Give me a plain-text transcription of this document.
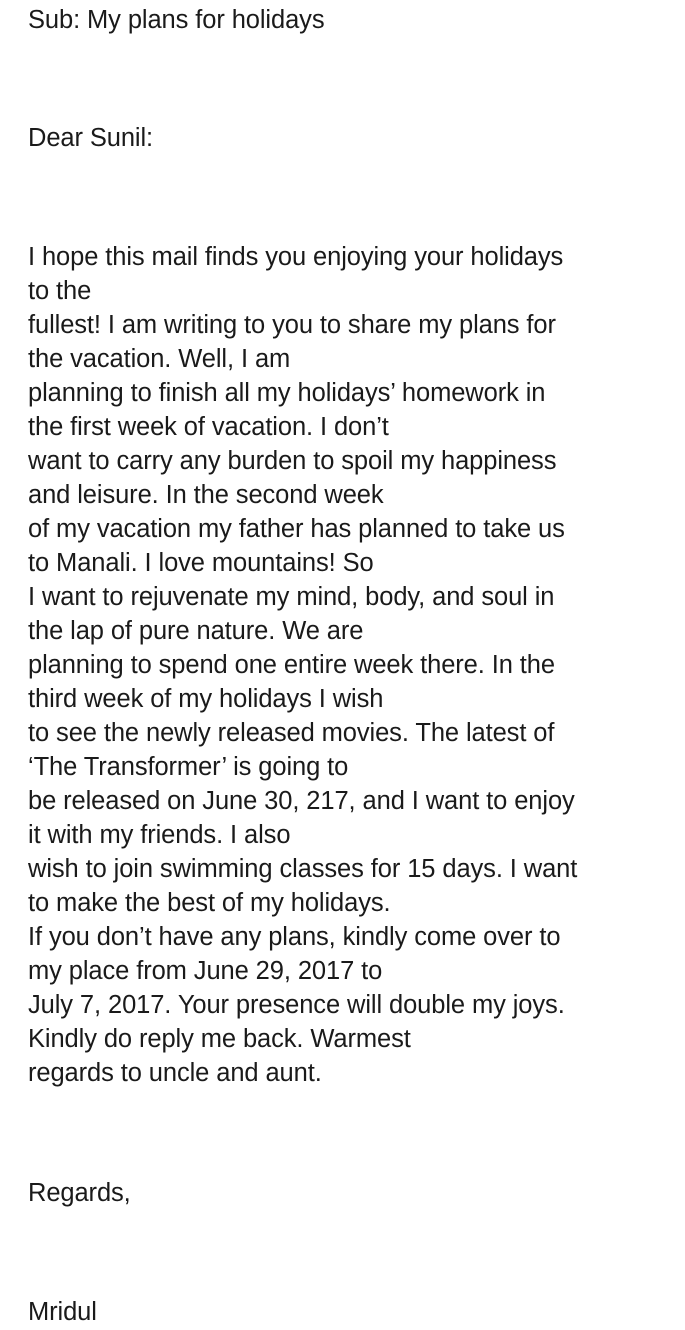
Sub: My plans for holidays

Dear Sunil:

I hope this mail finds you enjoying your holidays
to the
fullest! I am writing to you to share my plans for
the vacation. Well, I am
planning to finish all my holidays’ homework in
the first week of vacation. I don’t
want to carry any burden to spoil my happiness
and leisure. In the second week
of my vacation my father has planned to take us
to Manali. I love mountains! So
I want to rejuvenate my mind, body, and soul in
the lap of pure nature. We are
planning to spend one entire week there. In the
third week of my holidays I wish
to see the newly released movies. The latest of
‘The Transformer’ is going to
be released on June 30, 217, and I want to enjoy
it with my friends. I also
wish to join swimming classes for 15 days. I want
to make the best of my holidays.
If you don’t have any plans, kindly come over to
my place from June 29, 2017 to
July 7, 2017. Your presence will double my joys.
Kindly do reply me back. Warmest
regards to uncle and aunt.

Regards,

Mridul
